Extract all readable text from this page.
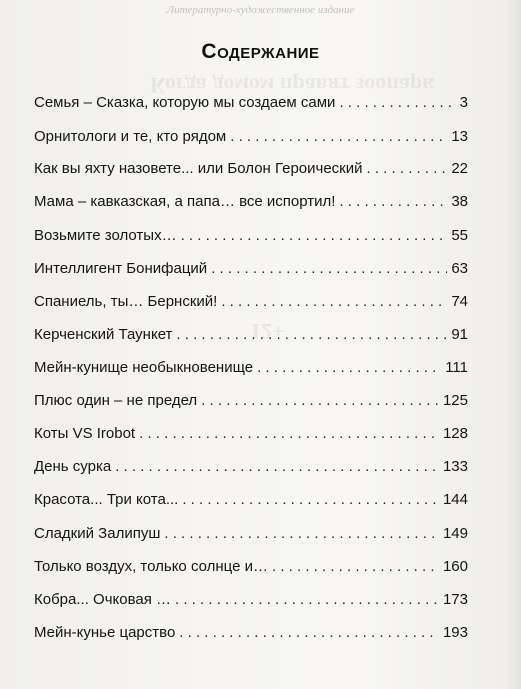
Когда домом правят зоопарк
12+
Литературно-художественное издание
Содержание
Семья – Сказка, которую мы создаем сами . . .	3
Орнитологи и те, кто рядом . . .	13
Как вы яхту назовете... или Болон Героический . . .	22
Мама – кавказская, а папа… все испортил! . . .	38
Возьмите золотых… . . .	55
Интеллигент Бонифаций . . .	63
Спаниель, ты… Бернский! . . .	74
Керченский Таункет . . .	91
Мейн-кунище необыкновенище . . .	111
Плюс один – не предел . . .	125
Коты VS Irobot . . .	128
День сурка . . .	133
Красота... Три кота... . . .	144
Сладкий Залипуш . . .	149
Только воздух, только солнце и… . . .	160
Кобра... Очковая … . . .	173
Мейн-кунье царство . . .	193
